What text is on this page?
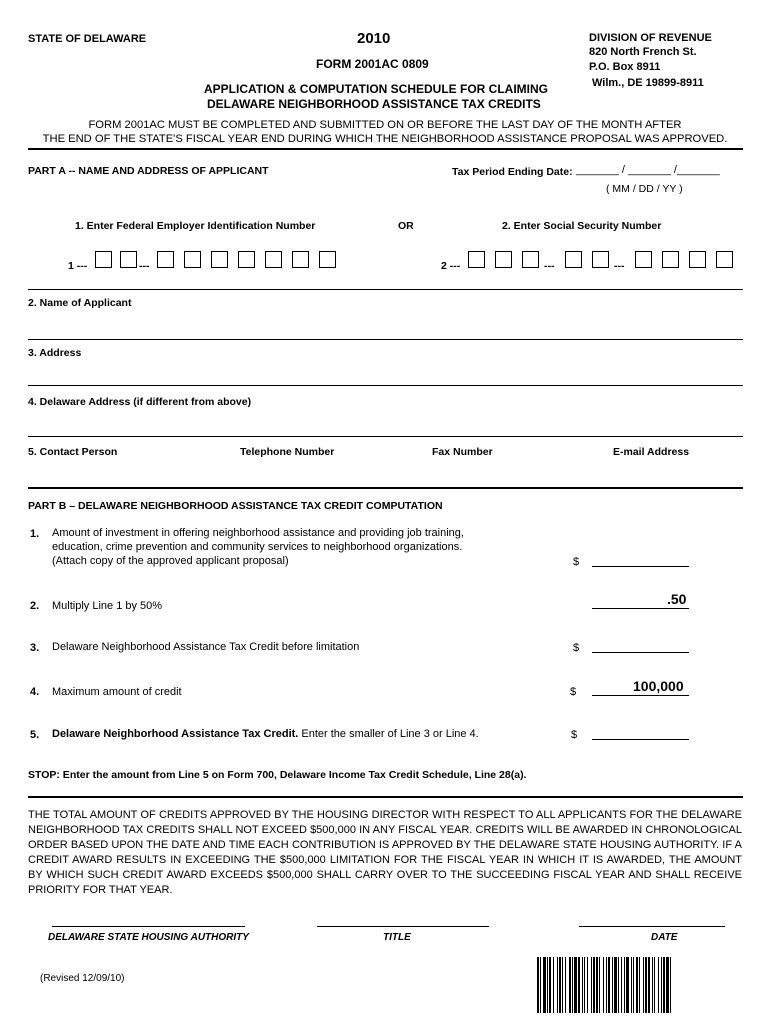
STATE OF DELAWARE	2010
FORM 2001AC 0809
APPLICATION & COMPUTATION SCHEDULE FOR CLAIMING
DELAWARE NEIGHBORHOOD ASSISTANCE TAX CREDITS
DIVISION OF REVENUE
820 North French St.
P.O. Box 8911
Wilm., DE 19899-8911
FORM 2001AC MUST BE COMPLETED AND SUBMITTED ON OR BEFORE THE LAST DAY OF THE MONTH AFTER
THE END OF THE STATE'S FISCAL YEAR END DURING WHICH THE NEIGHBORHOOD ASSISTANCE PROPOSAL WAS APPROVED.
PART A -- NAME AND ADDRESS OF APPLICANT	Tax Period Ending Date: _______ / _______ /_______
( MM / DD / YY )
1. Enter Federal Employer Identification Number	OR	2. Enter Social Security Number
1 ---	---	2 ---	---	---
2. Name of Applicant
3. Address
4. Delaware Address (if different from above)
5. Contact Person	Telephone Number	Fax Number	E-mail Address
PART B – DELAWARE NEIGHBORHOOD ASSISTANCE TAX CREDIT COMPUTATION
1. Amount of investment in offering neighborhood assistance and providing job training,
education, crime prevention and community services to neighborhood organizations.
(Attach copy of the approved applicant proposal)	$
2. Multiply Line 1 by 50%	.50
3. Delaware Neighborhood Assistance Tax Credit before limitation	$
4. Maximum amount of credit	$	100,000
5. Delaware Neighborhood Assistance Tax Credit. Enter the smaller of Line 3 or Line 4.	$
STOP: Enter the amount from Line 5 on Form 700, Delaware Income Tax Credit Schedule, Line 28(a).
THE TOTAL AMOUNT OF CREDITS APPROVED BY THE HOUSING DIRECTOR WITH RESPECT TO ALL APPLICANTS FOR THE DELAWARE NEIGHBORHOOD TAX CREDITS SHALL NOT EXCEED $500,000 IN ANY FISCAL YEAR. CREDITS WILL BE AWARDED IN CHRONOLOGICAL ORDER BASED UPON THE DATE AND TIME EACH CONTRIBUTION IS APPROVED BY THE DELAWARE STATE HOUSING AUTHORITY. IF A CREDIT AWARD RESULTS IN EXCEEDING THE $500,000 LIMITATION FOR THE FISCAL YEAR IN WHICH IT IS AWARDED, THE AMOUNT BY WHICH SUCH CREDIT AWARD EXCEEDS $500,000 SHALL CARRY OVER TO THE SUCCEEDING FISCAL YEAR AND SHALL RECEIVE PRIORITY FOR THAT YEAR.
DELAWARE STATE HOUSING AUTHORITY	TITLE	DATE
(Revised 12/09/10)
